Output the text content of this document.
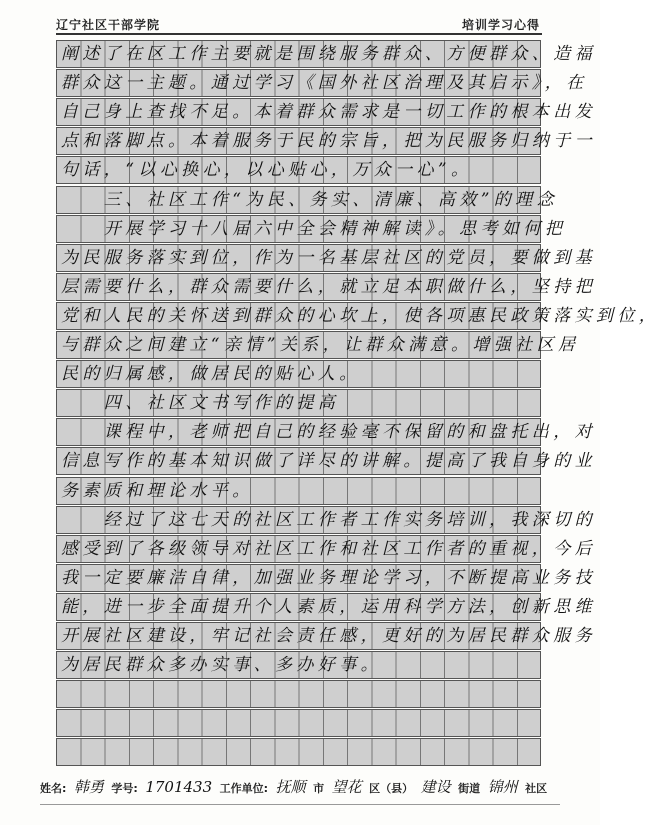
辽宁社区干部学院	培训学习心得
阐述了在区工作主要就是围绕服务群众、方便群众、造福
群众这一主题。通过学习《国外社区治理及其启示》，在
自己身上查找不足。本着群众需求是一切工作的根本出发
点和落脚点。本着服务于民的宗旨，把为民服务归纳于一
句话，“以心换心，以心贴心，万众一心”。
　　三、社区工作“为民、务实、清廉、高效”的理念
　　开展学习十八届六中全会精神解读》。思考如何把
为民服务落实到位，作为一名基层社区的党员，要做到基
层需要什么，群众需要什么，就立足本职做什么，坚持把
党和人民的关怀送到群众的心坎上，使各项惠民政策落实到位，
与群众之间建立“亲情”关系，让群众满意。增强社区居
民的归属感，做居民的贴心人。
　　四、社区文书写作的提高
　　课程中，老师把自己的经验毫不保留的和盘托出，对
信息写作的基本知识做了详尽的讲解。提高了我自身的业
务素质和理论水平。
　　经过了这七天的社区工作者工作实务培训，我深切的
感受到了各级领导对社区工作和社区工作者的重视，今后
我一定要廉洁自律，加强业务理论学习，不断提高业务技
能，进一步全面提升个人素质，运用科学方法，创新思维
开展社区建设，牢记社会责任感，更好的为居民群众服务
为居民群众多办实事、多办好事。
姓名: 韩勇 学号: 1701433 工作单位: 抚顺 市 望花 区（县） 建设 街道 锦州 社区
